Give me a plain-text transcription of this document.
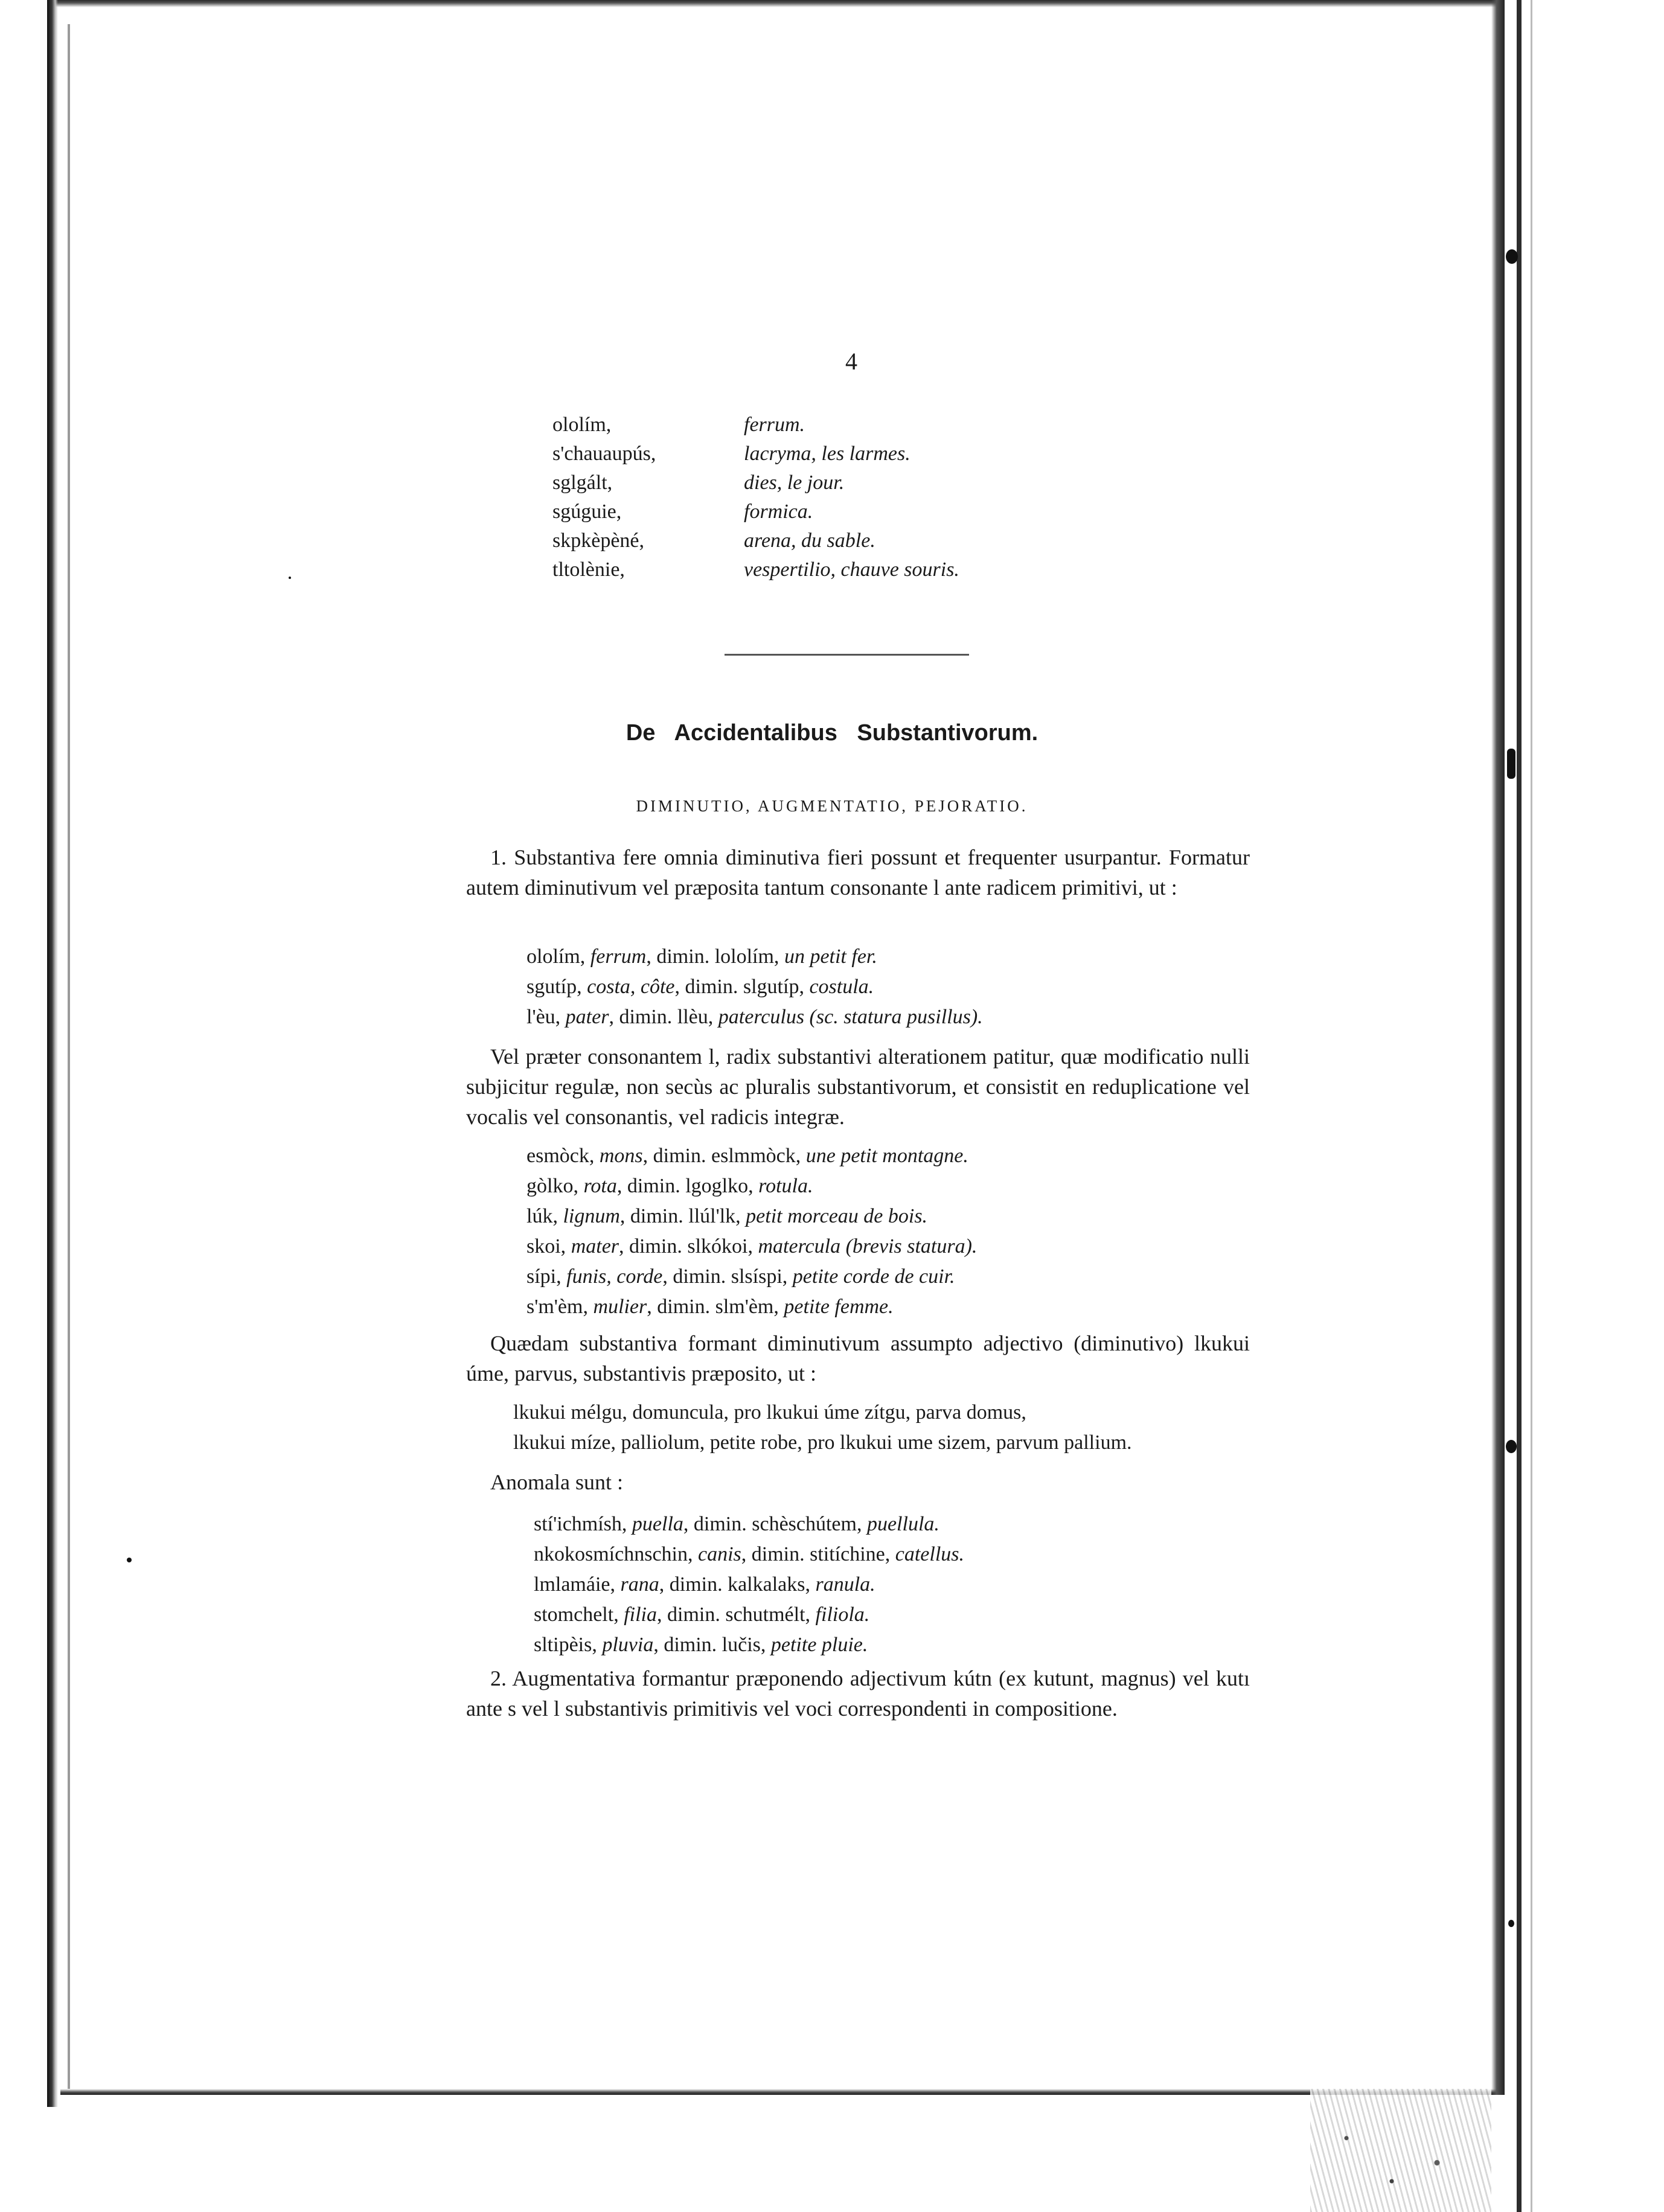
4
ololím,	ferrum.
s'chauaupús,	lacryma, les larmes.
sglgált,	dies, le jour.
sgúguie,	formica.
skpkèpèné,	arena, du sable.
tltolènie,	vespertilio, chauve souris.
De Accidentalibus Substantivorum.
DIMINUTIO, AUGMENTATIO, PEJORATIO.
1. Substantiva fere omnia diminutiva fieri possunt et frequenter usurpantur. Formatur autem diminutivum vel præposita tantum consonante l ante radicem primitivi, ut :
ololím, ferrum, dimin. lololím, un petit fer.
sgutíp, costa, côte, dimin. slgutíp, costula.
l'èu, pater, dimin. llèu, paterculus (sc. statura pusillus).
Vel præter consonantem l, radix substantivi alterationem patitur, quæ modificatio nulli subjicitur regulæ, non secùs ac pluralis substantivorum, et consistit en reduplicatione vel vocalis vel consonantis, vel radicis integræ.
esmòck, mons, dimin. eslmmòck, une petit montagne.
gòlko, rota, dimin. lgoglko, rotula.
lúk, lignum, dimin. llúl'lk, petit morceau de bois.
skoi, mater, dimin. slkókoi, matercula (brevis statura).
sípi, funis, corde, dimin. slsíspi, petite corde de cuir.
s'm'èm, mulier, dimin. slm'èm, petite femme.
Quædam substantiva formant diminutivum assumpto adjectivo (diminutivo) lkukui úme, parvus, substantivis præposito, ut :
lkukui mélgu, domuncula, pro lkukui úme zítgu, parva domus,
lkukui míze, palliolum, petite robe, pro lkukui ume sizem, parvum pallium.
Anomala sunt :
stí'ichmísh, puella, dimin. schèschútem, puellula.
nkokosmíchnschin, canis, dimin. stitíchine, catellus.
lmlamáie, rana, dimin. kalkalaks, ranula.
stomchelt, filia, dimin. schutmélt, filiola.
sltipèis, pluvia, dimin. lučis, petite pluie.
2. Augmentativa formantur præponendo adjectivum kútn (ex kutunt, magnus) vel kutı ante s vel l substantivis primitivis vel voci correspondenti in compositione.
